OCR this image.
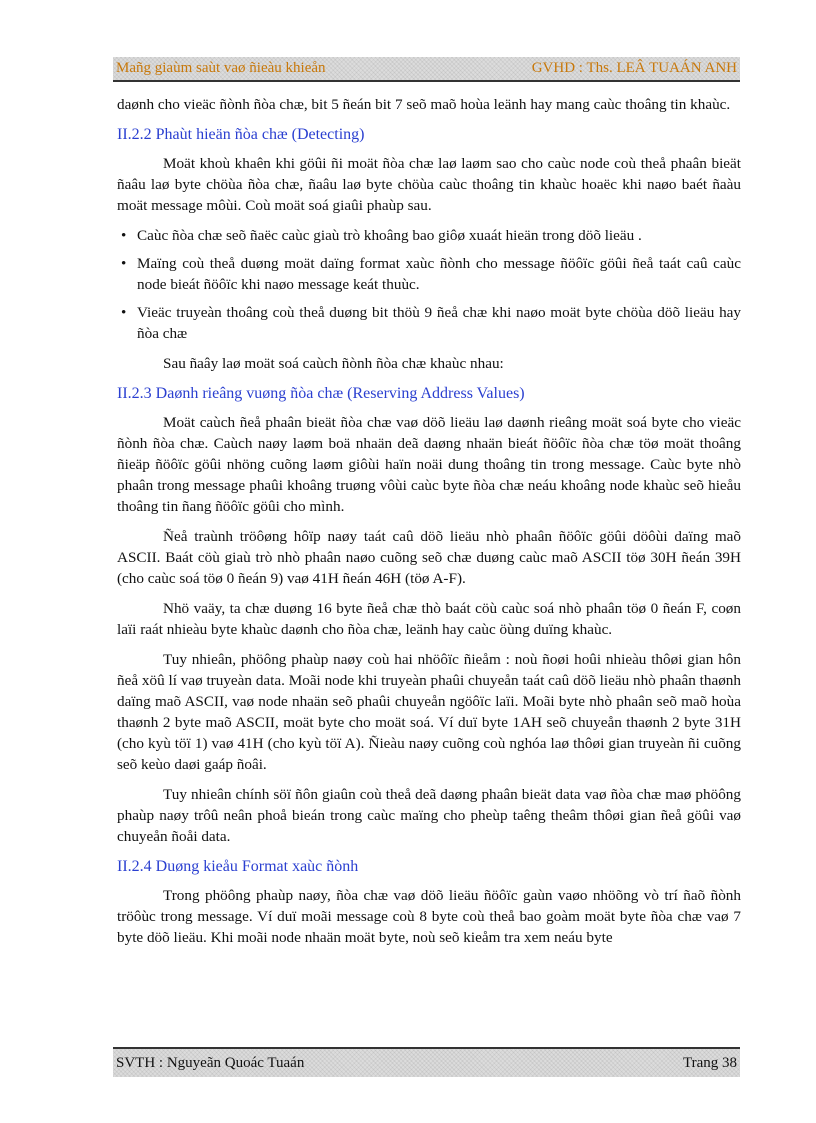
Mañg giaùm saùt vaø ñieàu khieån	GVHD : Ths. LEÂ TUAÁN ANH

daønh cho vieäc ñònh ñòa chæ, bit 5 ñeán bit 7 seõ maõ hoùa leänh hay mang caùc thoâng tin khaùc.

II.2.2 Phaùt hieän ñòa chæ (Detecting)

Moät khoù khaên khi göûi ñi moät ñòa chæ laø laøm sao cho caùc node coù theå phaân bieät ñaâu laø byte chöùa ñòa chæ, ñaâu laø byte chöùa caùc thoâng tin khaùc hoaëc khi naøo baét ñaàu moät message môùi. Coù moät soá giaûi phaùp sau.

• Caùc ñòa chæ seõ ñaëc caùc giaù trò khoâng bao giôø xuaát hieän trong döõ lieäu .
• Maïng coù theå duøng moät daïng format xaùc ñònh cho message ñöôïc göûi ñeå taát caû caùc node bieát ñöôïc khi naøo message keát thuùc.
• Vieäc truyeàn thoâng coù theå duøng bit thöù 9 ñeå chæ khi naøo moät byte chöùa döõ lieäu hay ñòa chæ

Sau ñaây laø moät soá caùch ñònh ñòa chæ khaùc nhau:

II.2.3 Daønh rieâng vuøng ñòa chæ (Reserving Address Values)

Moät caùch ñeå phaân bieät ñòa chæ vaø döõ lieäu laø daønh rieâng moät soá byte cho vieäc ñònh ñòa chæ. Caùch naøy laøm boä nhaän deã daøng nhaän bieát ñöôïc ñòa chæ töø moät thoâng ñieäp ñöôïc göûi nhöng cuõng laøm giôùi haïn noäi dung thoâng tin trong message. Caùc byte nhò phaân trong message phaûi khoâng truøng vôùi caùc byte ñòa chæ neáu khoâng node khaùc seõ hieåu thoâng tin ñang ñöôïc göûi cho mình.

Ñeå traùnh tröôøng hôïp naøy taát caû döõ lieäu nhò phaân ñöôïc göûi döôùi daïng maõ ASCII. Baát cöù giaù trò nhò phaân naøo cuõng seõ chæ duøng caùc maõ ASCII töø 30H ñeán 39H (cho caùc soá töø 0 ñeán 9) vaø 41H ñeán 46H (töø A-F).

Nhö vaäy, ta chæ duøng 16 byte ñeå chæ thò baát cöù caùc soá nhò phaân töø 0 ñeán F, coøn laïi raát nhieàu byte khaùc daønh cho ñòa chæ, leänh hay caùc öùng duïng khaùc.

Tuy nhieân, phöông phaùp naøy coù hai nhöôïc ñieåm : noù ñoøi hoûi nhieàu thôøi gian hôn ñeå xöû lí vaø truyeàn data. Moãi node khi truyeàn phaûi chuyeån taát caû döõ lieäu nhò phaân thaønh daïng maõ ASCII, vaø node nhaän seõ phaûi chuyeån ngöôïc laïi. Moãi byte nhò phaân seõ maõ hoùa thaønh 2 byte maõ ASCII, moät byte cho moät soá. Ví duï byte 1AH seõ chuyeån thaønh 2 byte 31H (cho kyù töï 1) vaø 41H (cho kyù töï A). Ñieàu naøy cuõng coù nghóa laø thôøi gian truyeàn ñi cuõng seõ keùo daøi gaáp ñoâi.

Tuy nhieân chính söï ñôn giaûn coù theå deã daøng phaân bieät data vaø ñòa chæ maø phöông phaùp naøy trôû neân phoå bieán trong caùc maïng cho pheùp taêng theâm thôøi gian ñeå göûi vaø chuyeån ñoåi data.

II.2.4 Duøng kieåu Format xaùc ñònh

Trong phöông phaùp naøy, ñòa chæ vaø döõ lieäu ñöôïc gaùn vaøo nhöõng vò trí ñaõ ñònh tröôùc trong message. Ví duï moãi message coù 8 byte coù theå bao goàm moät byte ñòa chæ vaø 7 byte döõ lieäu. Khi moãi node nhaän moät byte, noù seõ kieåm tra xem neáu byte

SVTH : Nguyeãn Quoác Tuaán	Trang 38
